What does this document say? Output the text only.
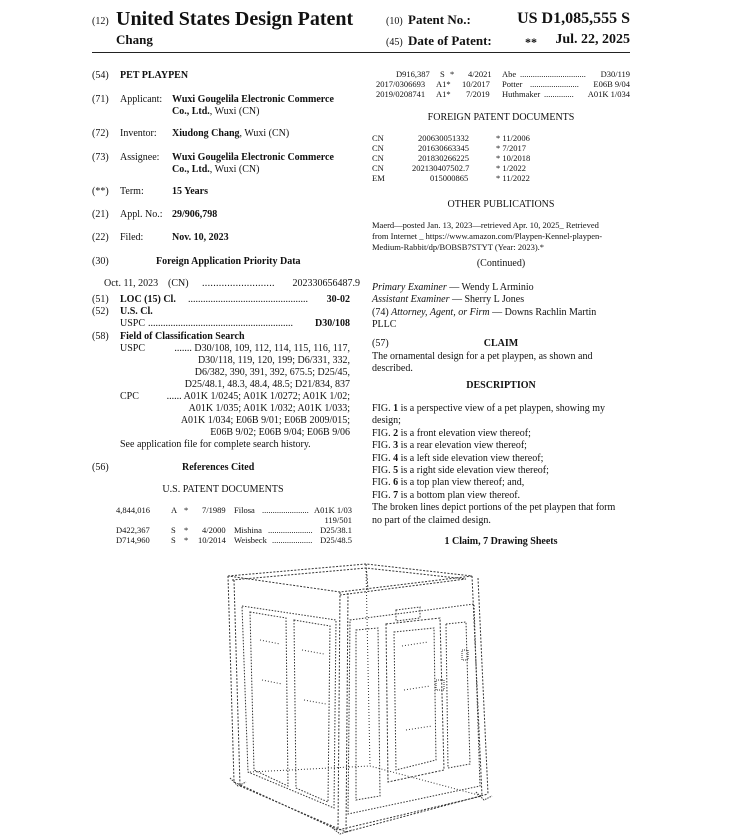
(12) United States Design Patent
Chang
(10) Patent No.:	US D1,085,555 S
(45) Date of Patent:	** Jul. 22, 2025
(54) PET PLAYPEN
(71) Applicant: Wuxi Gougelila Electronic Commerce
Co., Ltd., Wuxi (CN)
(72) Inventor: Xiudong Chang, Wuxi (CN)
(73) Assignee: Wuxi Gougelila Electronic Commerce
Co., Ltd., Wuxi (CN)
(**) Term:	15 Years
(21) Appl. No.: 29/906,798
(22) Filed:	Nov. 10, 2023
(30)	Foreign Application Priority Data
Oct. 11, 2023 (CN) .......................... 202330656487.9
(51) LOC (15) Cl. ................................................ 30-02
(52) U.S. Cl.
USPC .......................................................... D30/108
(58) Field of Classification Search
USPC	....... D30/108, 109, 112, 114, 115, 116, 117,
D30/118, 119, 120, 199; D6/331, 332,
D6/382, 390, 391, 392, 675.5; D25/45,
D25/48.1, 48.3, 48.4, 48.5; D21/834, 837
CPC	...... A01K 1/0245; A01K 1/0272; A01K 1/02;
A01K 1/035; A01K 1/032; A01K 1/033;
A01K 1/034; E06B 9/01; E06B 2009/015;
E06B 9/02; E06B 9/04; E06B 9/06
See application file for complete search history.
(56)	References Cited
U.S. PATENT DOCUMENTS
4,844,016 A * 7/1989 Filosa ...................... A01K 1/03
119/501
D422,367 S * 4/2000 Mishina ..................... D25/38.1
D714,960 S * 10/2014 Weisbeck ................... D25/48.5
D916,387 S * 4/2021 Abe ............................... D30/119
2017/0306693 A1* 10/2017 Potter ....................... E06B 9/04
2019/0208741 A1* 7/2019 Huthmaker .............. A01K 1/034
FOREIGN PATENT DOCUMENTS
CN	200630051332	* 11/2006
CN	201630663345	* 7/2017
CN	201830266225	* 10/2018
CN	202130407502.7	* 1/2022
EM	015000865	* 11/2022
OTHER PUBLICATIONS
Maerd—posted Jan. 13, 2023—retrieved Apr. 10, 2025_ Retrieved
from Internet _ https://www.amazon.com/Playpen-Kennel-playpen-
Medium-Rabbit/dp/BOBSB7STYT (Year: 2023).*
(Continued)
Primary Examiner — Wendy L Arminio
Assistant Examiner — Sherry L Jones
(74) Attorney, Agent, or Firm — Downs Rachlin Martin
PLLC
(57)	CLAIM
The ornamental design for a pet playpen, as shown and
described.
DESCRIPTION
FIG. 1 is a perspective view of a pet playpen, showing my
design;
FIG. 2 is a front elevation view thereof;
FIG. 3 is a rear elevation view thereof;
FIG. 4 is a left side elevation view thereof;
FIG. 5 is a right side elevation view thereof;
FIG. 6 is a top plan view thereof; and,
FIG. 7 is a bottom plan view thereof.
The broken lines depict portions of the pet playpen that form
no part of the claimed design.
1 Claim, 7 Drawing Sheets
